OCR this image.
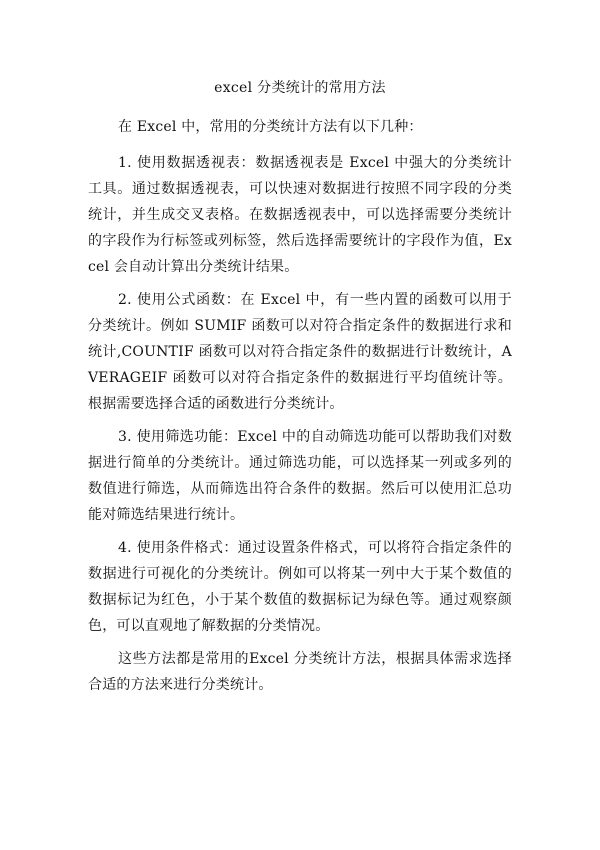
excel 分类统计的常用方法

在 Excel 中，常用的分类统计方法有以下几种：

1. 使用数据透视表：数据透视表是 Excel 中强大的分类统计工具。通过数据透视表，可以快速对数据进行按照不同字段的分类统计，并生成交叉表格。在数据透视表中，可以选择需要分类统计的字段作为行标签或列标签，然后选择需要统计的字段作为值，Excel 会自动计算出分类统计结果。

2. 使用公式函数：在 Excel 中，有一些内置的函数可以用于分类统计。例如 SUMIF 函数可以对符合指定条件的数据进行求和统计,COUNTIF 函数可以对符合指定条件的数据进行计数统计，AVERAGEIF 函数可以对符合指定条件的数据进行平均值统计等。根据需要选择合适的函数进行分类统计。

3. 使用筛选功能：Excel 中的自动筛选功能可以帮助我们对数据进行简单的分类统计。通过筛选功能，可以选择某一列或多列的数值进行筛选，从而筛选出符合条件的数据。然后可以使用汇总功能对筛选结果进行统计。

4. 使用条件格式：通过设置条件格式，可以将符合指定条件的数据进行可视化的分类统计。例如可以将某一列中大于某个数值的数据标记为红色，小于某个数值的数据标记为绿色等。通过观察颜色，可以直观地了解数据的分类情况。

这些方法都是常用的Excel 分类统计方法，根据具体需求选择合适的方法来进行分类统计。
